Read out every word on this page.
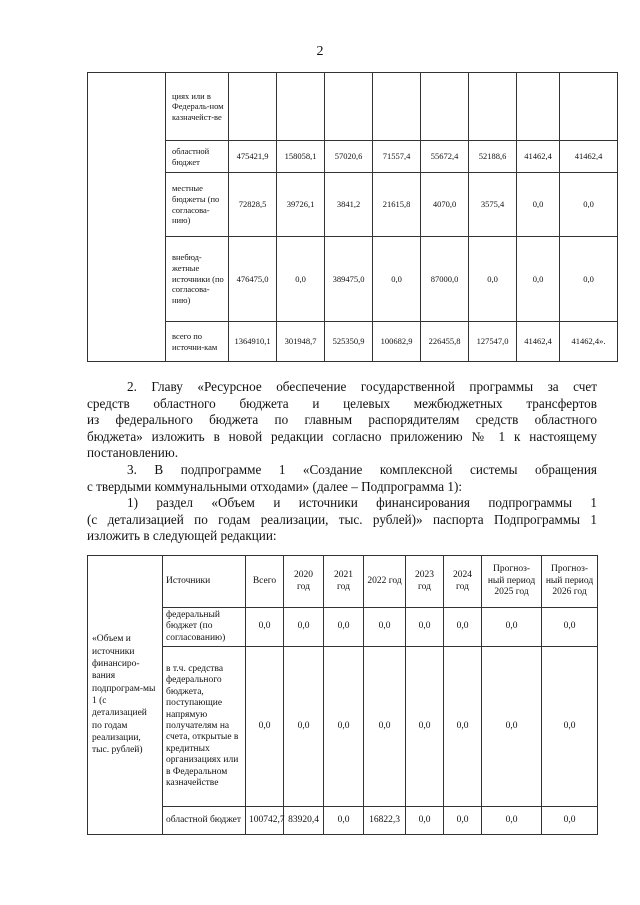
2
	циях или в Федераль-ном казначейст-ве								
	областной бюджет	475421,9	158058,1	57020,6	71557,4	55672,4	52188,6	41462,4	41462,4
	местные бюджеты (по согласова-нию)	72828,5	39726,1	3841,2	21615,8	4070,0	3575,4	0,0	0,0
	внебюд-жетные источники (по согласова-нию)	476475,0	0,0	389475,0	0,0	87000,0	0,0	0,0	0,0
	всего по источни-кам	1364910,1	301948,7	525350,9	100682,9	226455,8	127547,0	41462,4	41462,4».
2. Главу «Ресурсное обеспечение государственной программы за счет
средств областного бюджета и целевых межбюджетных трансфертов
из федерального бюджета по главным распорядителям средств областного
бюджета» изложить в новой редакции согласно приложению № 1 к настоящему
постановлению.
3. В подпрограмме 1 «Создание комплексной системы обращения
с твердыми коммунальными отходами» (далее – Подпрограмма 1):
1) раздел «Объем и источники финансирования подпрограммы 1
(с детализацией по годам реализации, тыс. рублей)» паспорта Подпрограммы 1
изложить в следующей редакции:
«Объем и источники финансиро-вания подпрограм-мы 1 (с детализацией по годам реализации, тыс. рублей)	Источники	Всего	2020 год	2021 год	2022 год	2023 год	2024 год	Прогноз-ный период 2025 год	Прогноз-ный период 2026 год
	федеральный бюджет (по согласованию)	0,0	0,0	0,0	0,0	0,0	0,0	0,0	0,0
	в т.ч. средства федерального бюджета, поступающие напрямую получателям на счета, открытые в кредитных организациях или в Федеральном казначействе	0,0	0,0	0,0	0,0	0,0	0,0	0,0	0,0
	областной бюджет	100742,7	83920,4	0,0	16822,3	0,0	0,0	0,0	0,0
